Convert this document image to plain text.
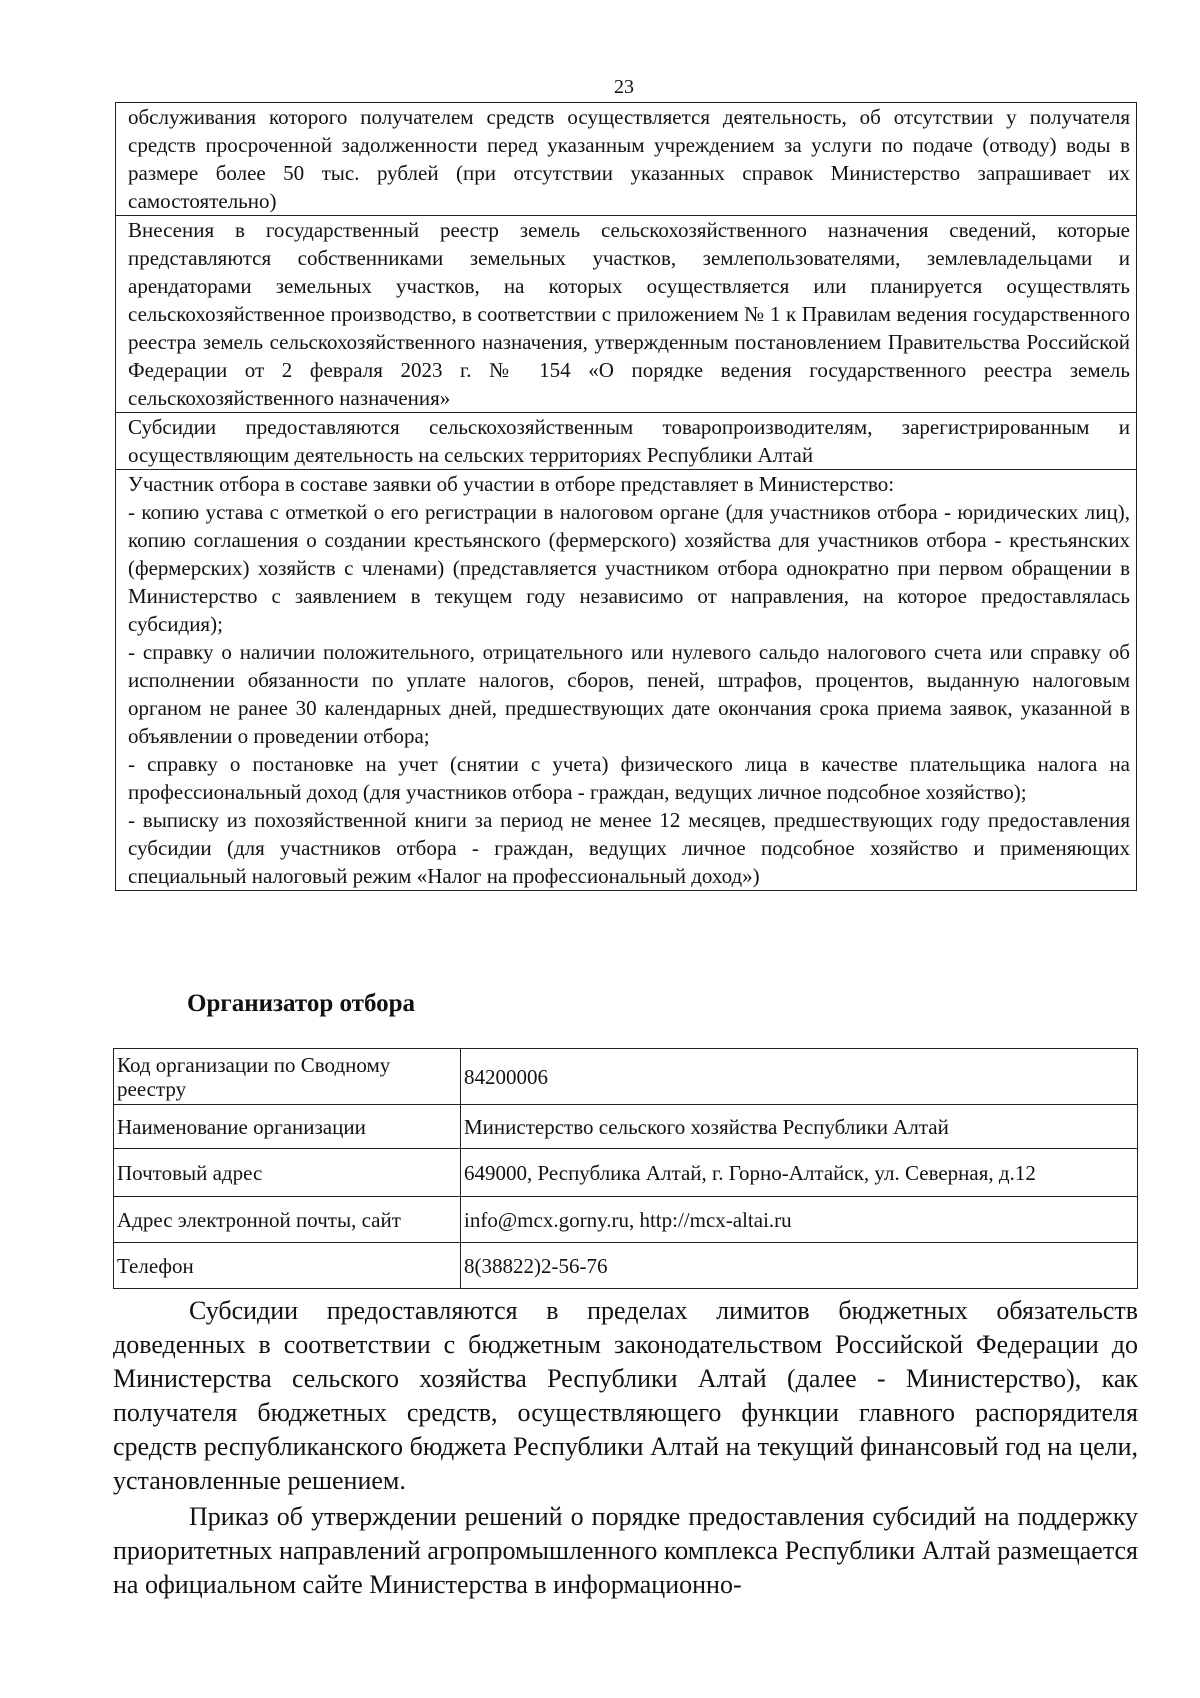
23

обслуживания которого получателем средств осуществляется деятельность, об отсутствии у получателя средств просроченной задолженности перед указанным учреждением за услуги по подаче (отводу) воды в размере более 50 тыс. рублей (при отсутствии указанных справок Министерство запрашивает их самостоятельно)

Внесения в государственный реестр земель сельскохозяйственного назначения сведений, которые представляются собственниками земельных участков, землепользователями, землевладельцами и арендаторами земельных участков, на которых осуществляется или планируется осуществлять сельскохозяйственное производство, в соответствии с приложением № 1 к Правилам ведения государственного реестра земель сельскохозяйственного назначения, утвержденным постановлением Правительства Российской Федерации от 2 февраля 2023 г. № 154 «О порядке ведения государственного реестра земель сельскохозяйственного назначения»

Субсидии предоставляются сельскохозяйственным товаропроизводителям, зарегистрированным и осуществляющим деятельность на сельских территориях Республики Алтай

Участник отбора в составе заявки об участии в отборе представляет в Министерство:

- копию устава с отметкой о его регистрации в налоговом органе (для участников отбора - юридических лиц), копию соглашения о создании крестьянского (фермерского) хозяйства для участников отбора - крестьянских (фермерских) хозяйств с членами) (представляется участником отбора однократно при первом обращении в Министерство с заявлением в текущем году независимо от направления, на которое предоставлялась субсидия);

- справку о наличии положительного, отрицательного или нулевого сальдо налогового счета или справку об исполнении обязанности по уплате налогов, сборов, пеней, штрафов, процентов, выданную налоговым органом не ранее 30 календарных дней, предшествующих дате окончания срока приема заявок, указанной в объявлении о проведении отбора;

- справку о постановке на учет (снятии с учета) физического лица в качестве плательщика налога на профессиональный доход (для участников отбора - граждан, ведущих личное подсобное хозяйство);

- выписку из похозяйственной книги за период не менее 12 месяцев, предшествующих году предоставления субсидии (для участников отбора - граждан, ведущих личное подсобное хозяйство и применяющих специальный налоговый режим «Налог на профессиональный доход»)

Организатор отбора
Код организации по Сводному реестру	84200006
Наименование организации	Министерство сельского хозяйства Республики Алтай
Почтовый адрес	649000, Республика Алтай, г. Горно-Алтайск, ул. Северная, д.12
Адрес электронной почты, сайт	info@mcx.gorny.ru, http://mcx-altai.ru
Телефон	8(38822)2-56-76

Субсидии предоставляются в пределах лимитов бюджетных обязательств доведенных в соответствии с бюджетным законодательством Российской Федерации до Министерства сельского хозяйства Республики Алтай (далее - Министерство), как получателя бюджетных средств, осуществляющего функции главного распорядителя средств республиканского бюджета Республики Алтай на текущий финансовый год на цели, установленные решением.

Приказ об утверждении решений о порядке предоставления субсидий на поддержку приоритетных направлений агропромышленного комплекса Республики Алтай размещается на официальном сайте Министерства в информационно-
